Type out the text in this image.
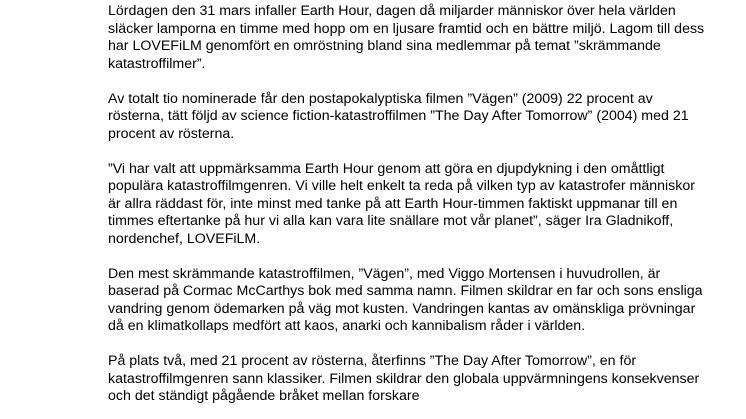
Lördagen den 31 mars infaller Earth Hour, dagen då miljarder människor över hela världen släcker lamporna en timme med hopp om en ljusare framtid och en bättre miljö. Lagom till dess har LOVEFiLM genomfört en omröstning bland sina medlemmar på temat ”skrämmande katastroffilmer”.

Av totalt tio nominerade får den postapokalyptiska filmen ”Vägen” (2009) 22 procent av rösterna, tätt följd av science fiction-katastroffilmen ”The Day After Tomorrow” (2004) med 21 procent av rösterna.

”Vi har valt att uppmärksamma Earth Hour genom att göra en djupdykning i den omåttligt populära katastroffilmgenren. Vi ville helt enkelt ta reda på vilken typ av katastrofer människor är allra räddast för, inte minst med tanke på att Earth Hour-timmen faktiskt uppmanar till en timmes eftertanke på hur vi alla kan vara lite snällare mot vår planet”, säger Ira Gladnikoff, nordenchef, LOVEFiLM.

Den mest skrämmande katastroffilmen, ”Vägen”, med Viggo Mortensen i huvudrollen, är baserad på Cormac McCarthys bok med samma namn. Filmen skildrar en far och sons ensliga vandring genom ödemarken på väg mot kusten. Vandringen kantas av omänskliga prövningar då en klimatkollaps medfört att kaos, anarki och kannibalism råder i världen.

På plats två, med 21 procent av rösterna, återfinns ”The Day After Tomorrow”, en för katastroffilmgenren sann klassiker. Filmen skildrar den globala uppvärmningens konsekvenser och det ständigt pågående bråket mellan forskare
